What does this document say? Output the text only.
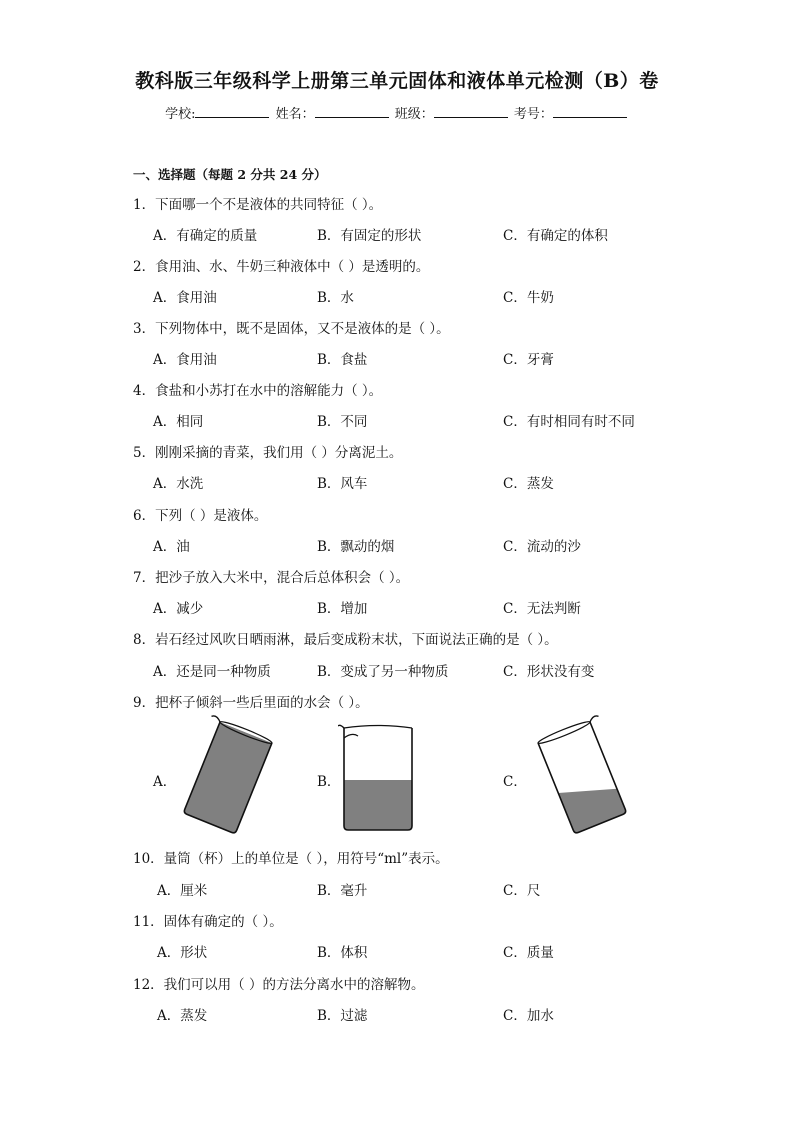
教科版三年级科学上册第三单元固体和液体单元检测（B）卷
学校:	姓名：	班级：	考号：
一、选择题（每题 2 分共 24 分）
1．下面哪一个不是液体的共同特征（ ）。
A．有确定的质量	B．有固定的形状	C．有确定的体积
2．食用油、水、牛奶三种液体中（ ）是透明的。
A．食用油	B．水	C．牛奶
3．下列物体中，既不是固体，又不是液体的是（ ）。
A．食用油	B．食盐	C．牙膏
4．食盐和小苏打在水中的溶解能力（ ）。
A．相同	B．不同	C．有时相同有时不同
5．刚刚采摘的青菜，我们用（ ）分离泥土。
A．水洗	B．风车	C．蒸发
6．下列（ ）是液体。
A．油	B．飘动的烟	C．流动的沙
7．把沙子放入大米中，混合后总体积会（ ）。
A．减少	B．增加	C．无法判断
8．岩石经过风吹日晒雨淋，最后变成粉末状，下面说法正确的是（ ）。
A．还是同一种物质	B．变成了另一种物质	C．形状没有变
9．把杯子倾斜一些后里面的水会（ ）。
A．	B．	C．
10．量筒（杯）上的单位是（ ），用符号“ml”表示。
A．厘米	B．毫升	C．尺
11．固体有确定的（ ）。
A．形状	B．体积	C．质量
12．我们可以用（ ）的方法分离水中的溶解物。
A．蒸发	B．过滤	C．加水
